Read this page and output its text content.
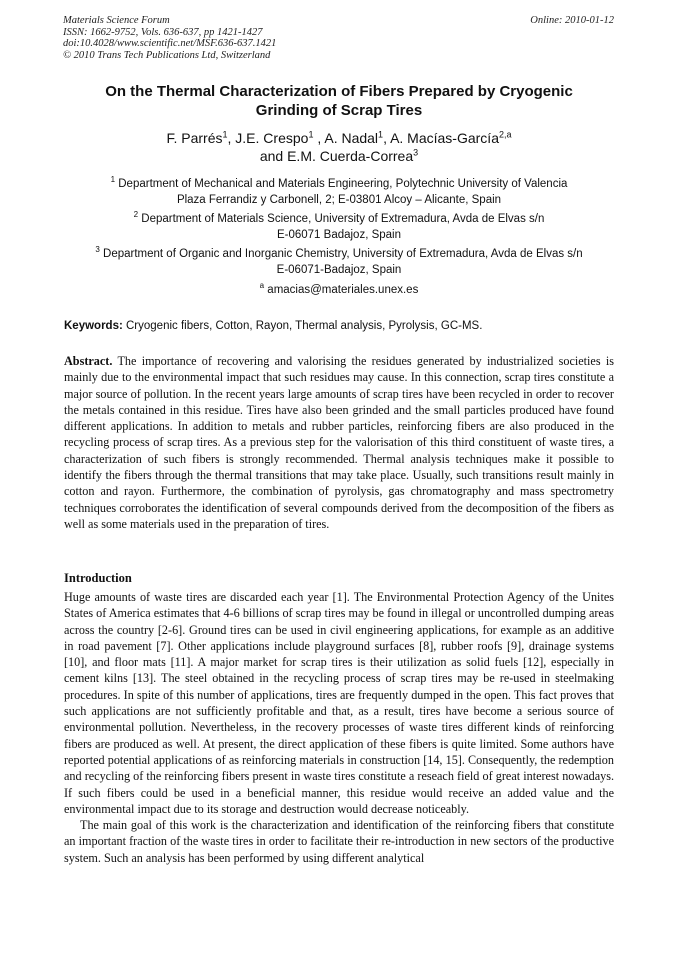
Materials Science Forum
ISSN: 1662-9752, Vols. 636-637, pp 1421-1427
doi:10.4028/www.scientific.net/MSF.636-637.1421
© 2010 Trans Tech Publications Ltd, Switzerland
Online: 2010-01-12
On the Thermal Characterization of Fibers Prepared by Cryogenic
Grinding of Scrap Tires
F. Parrés$^1$, J.E. Crespo$^1$ , A. Nadal$^1$, A. Macías-García$^{2,a}$
and E.M. Cuerda-Correa$^3$
$^1$ Department of Mechanical and Materials Engineering, Polytechnic University of Valencia
Plaza Ferrandiz y Carbonell, 2; E-03801 Alcoy – Alicante, Spain
$^2$ Department of Materials Science, University of Extremadura, Avda de Elvas s/n
E-06071 Badajoz, Spain
$^3$ Department of Organic and Inorganic Chemistry, University of Extremadura, Avda de Elvas s/n
E-06071-Badajoz, Spain
$^a$ amacias@materiales.unex.es
Keywords: Cryogenic fibers, Cotton, Rayon, Thermal analysis, Pyrolysis, GC-MS.
Abstract. The importance of recovering and valorising the residues generated by industrialized societies is mainly due to the environmental impact that such residues may cause. In this connection, scrap tires constitute a major source of pollution. In the recent years large amounts of scrap tires have been recycled in order to recover the metals contained in this residue. Tires have also been grinded and the small particles produced have found different applications. In addition to metals and rubber particles, reinforcing fibers are also produced in the recycling process of scrap tires. As a previous step for the valorisation of this third constituent of waste tires, a characterization of such fibers is strongly recommended. Thermal analysis techniques make it possible to identify the fibers through the thermal transitions that may take place. Usually, such transitions result mainly in cotton and rayon. Furthermore, the combination of pyrolysis, gas chromatography and mass spectrometry techniques corroborates the identification of several compounds derived from the decomposition of the fibers as well as some materials used in the preparation of tires.
Introduction

Huge amounts of waste tires are discarded each year [1]. The Environmental Protection Agency of the Unites States of America estimates that 4-6 billions of scrap tires may be found in illegal or uncontrolled dumping areas across the country [2-6]. Ground tires can be used in civil engineering applications, for example as an additive in road pavement [7]. Other applications include playground surfaces [8], rubber roofs [9], drainage systems [10], and floor mats [11]. A major market for scrap tires is their utilization as solid fuels [12], especially in cement kilns [13]. The steel obtained in the recycling process of scrap tires may be re-used in steelmaking procedures. In spite of this number of applications, tires are frequently dumped in the open. This fact proves that such applications are not sufficiently profitable and that, as a result, tires have become a serious source of environmental pollution. Nevertheless, in the recovery processes of waste tires different kinds of reinforcing fibers are produced as well. At present, the direct application of these fibers is quite limited. Some authors have reported potential applications of as reinforcing materials in construction [14, 15]. Consequently, the redemption and recycling of the reinforcing fibers present in waste tires constitute a reseach field of great interest nowadays. If such fibers could be used in a beneficial manner, this residue would receive an added value and the environmental impact due to its storage and destruction would decrease noticeably.

The main goal of this work is the characterization and identification of the reinforcing fibers that constitute an important fraction of the waste tires in order to facilitate their re-introduction in new sectors of the productive system. Such an analysis has been performed by using different analytical
